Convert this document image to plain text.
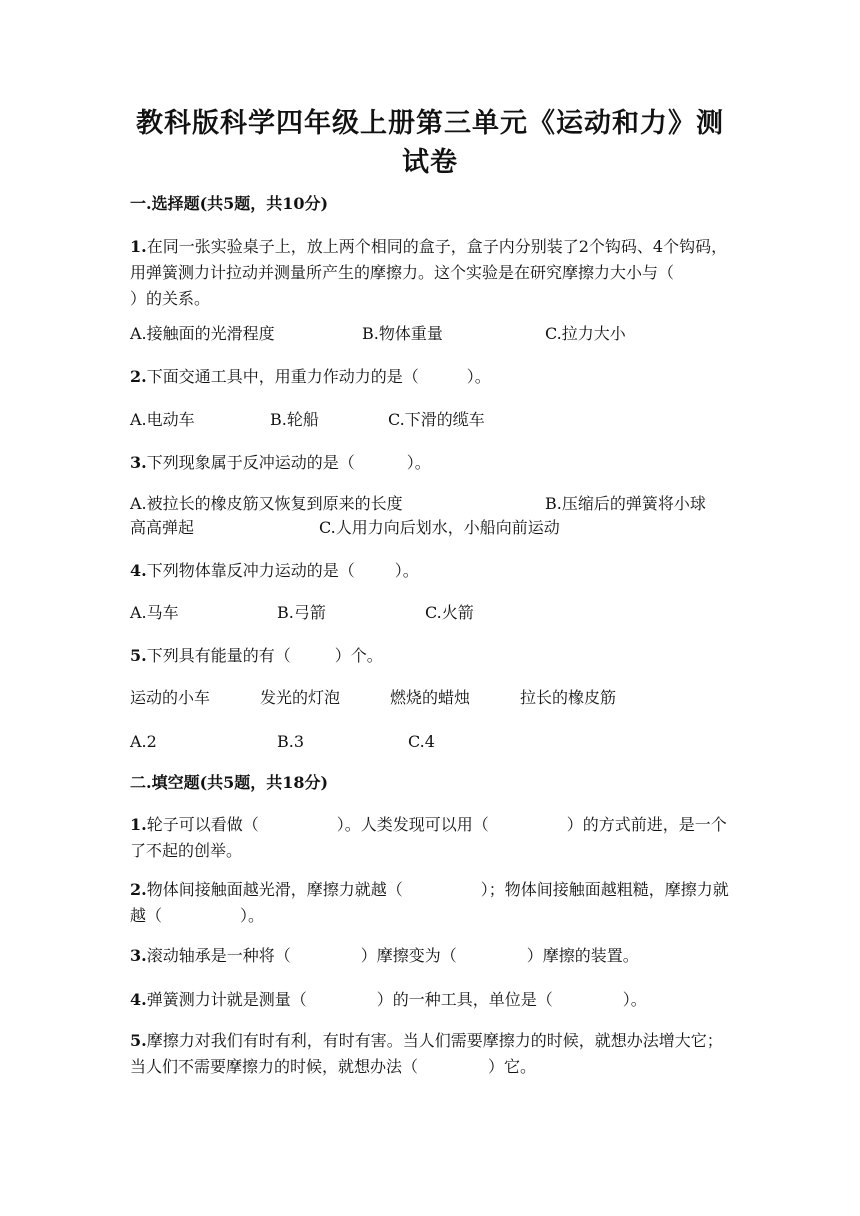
教科版科学四年级上册第三单元《运动和力》测试卷
一.选择题(共5题，共10分)
1.在同一张实验桌子上，放上两个相同的盒子，盒子内分别装了2个钩码、4个钩码，用弹簧测力计拉动并测量所产生的摩擦力。这个实验是在研究摩擦力大小与（）的关系。
A.接触面的光滑程度	B.物体重量	C.拉力大小
2.下面交通工具中，用重力作动力的是（	）。
A.电动车	B.轮船	C.下滑的缆车
3.下列现象属于反冲运动的是（	）。
A.被拉长的橡皮筋又恢复到原来的长度	B.压缩后的弹簧将小球
高高弹起	C.人用力向后划水，小船向前运动
4.下列物体靠反冲力运动的是（	）。
A.马车	B.弓箭	C.火箭
5.下列具有能量的有（	）个。
运动的小车	发光的灯泡	燃烧的蜡烛	拉长的橡皮筋
A.2	B.3	C.4
二.填空题(共5题，共18分)
1.轮子可以看做（	）。人类发现可以用（	）的方式前进，是一个了不起的创举。
2.物体间接触面越光滑，摩擦力就越（	）；物体间接触面越粗糙，摩擦力就越（	）。
3.滚动轴承是一种将（	）摩擦变为（	）摩擦的装置。
4.弹簧测力计就是测量（	）的一种工具，单位是（	）。
5.摩擦力对我们有时有利，有时有害。当人们需要摩擦力的时候，就想办法增大它；当人们不需要摩擦力的时候，就想办法（	）它。
